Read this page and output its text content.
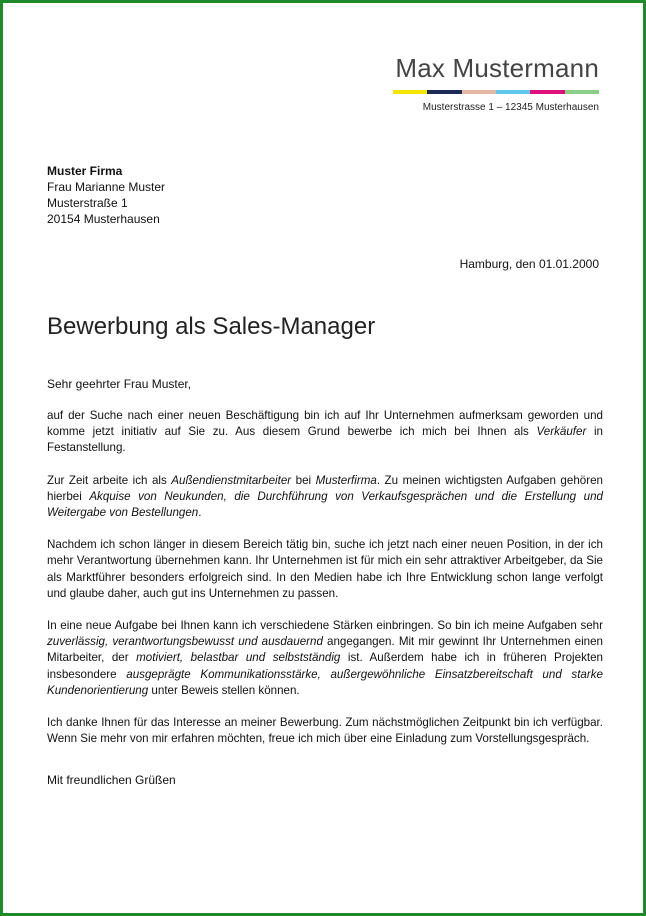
Max Mustermann
Musterstrasse 1 – 12345 Musterhausen
Muster Firma
Frau Marianne Muster
Musterstraße 1
20154 Musterhausen
Hamburg, den 01.01.2000
Bewerbung als Sales-Manager
Sehr geehrter Frau Muster,

auf der Suche nach einer neuen Beschäftigung bin ich auf Ihr Unternehmen aufmerksam geworden und komme jetzt initiativ auf Sie zu. Aus diesem Grund bewerbe ich mich bei Ihnen als Verkäufer in Festanstellung.

Zur Zeit arbeite ich als Außendienstmitarbeiter bei Musterfirma. Zu meinen wichtigsten Aufgaben gehören hierbei Akquise von Neukunden, die Durchführung von Verkaufsgesprächen und die Erstellung und Weitergabe von Bestellungen.

Nachdem ich schon länger in diesem Bereich tätig bin, suche ich jetzt nach einer neuen Position, in der ich mehr Verantwortung übernehmen kann. Ihr Unternehmen ist für mich ein sehr attraktiver Arbeitgeber, da Sie als Marktführer besonders erfolgreich sind. In den Medien habe ich Ihre Entwicklung schon lange verfolgt und glaube daher, auch gut ins Unternehmen zu passen.

In eine neue Aufgabe bei Ihnen kann ich verschiedene Stärken einbringen. So bin ich meine Aufgaben sehr zuverlässig, verantwortungsbewusst und ausdauernd angegangen. Mit mir gewinnt Ihr Unternehmen einen Mitarbeiter, der motiviert, belastbar und selbstständig ist. Außerdem habe ich in früheren Projekten insbesondere ausgeprägte Kommunikationsstärke, außergewöhnliche Einsatzbereitschaft und starke Kundenorientierung unter Beweis stellen können.

Ich danke Ihnen für das Interesse an meiner Bewerbung. Zum nächstmöglichen Zeitpunkt bin ich verfügbar. Wenn Sie mehr von mir erfahren möchten, freue ich mich über eine Einladung zum Vorstellungsgespräch.

Mit freundlichen Grüßen
